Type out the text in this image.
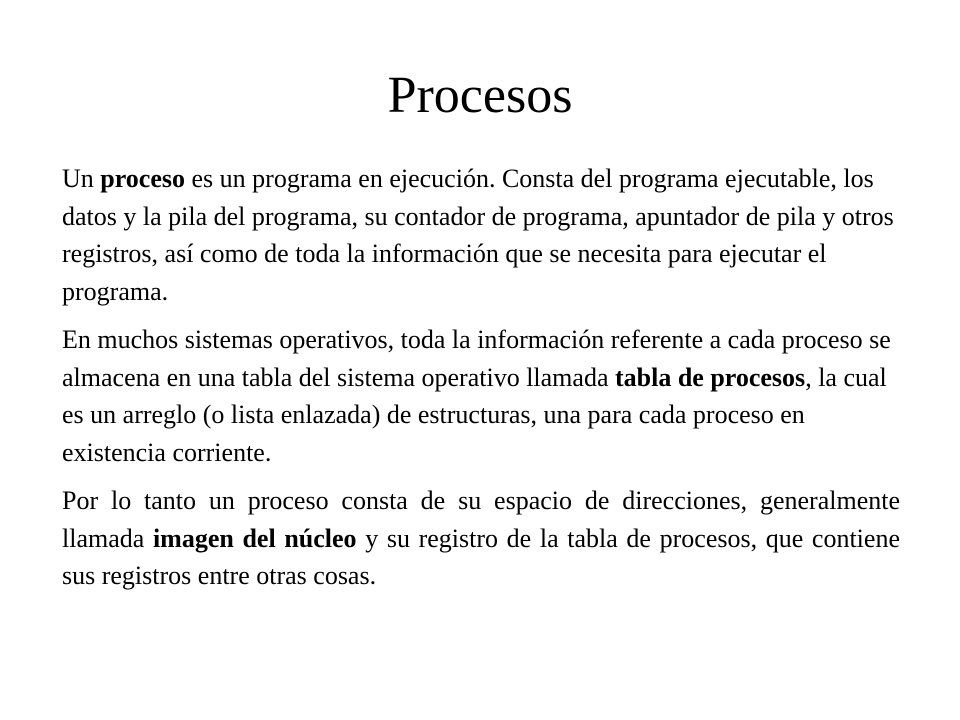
Procesos

Un proceso es un programa en ejecución. Consta del programa ejecutable, los datos y la pila del programa, su contador de programa, apuntador de pila y otros registros, así como de toda la información que se necesita para ejecutar el programa.

En muchos sistemas operativos, toda la información referente a cada proceso se almacena en una tabla del sistema operativo llamada tabla de procesos, la cual es un arreglo (o lista enlazada) de estructuras, una para cada proceso en existencia corriente.

Por lo tanto un proceso consta de su espacio de direcciones, generalmente llamada imagen del núcleo y su registro de la tabla de procesos, que contiene sus registros entre otras cosas.
